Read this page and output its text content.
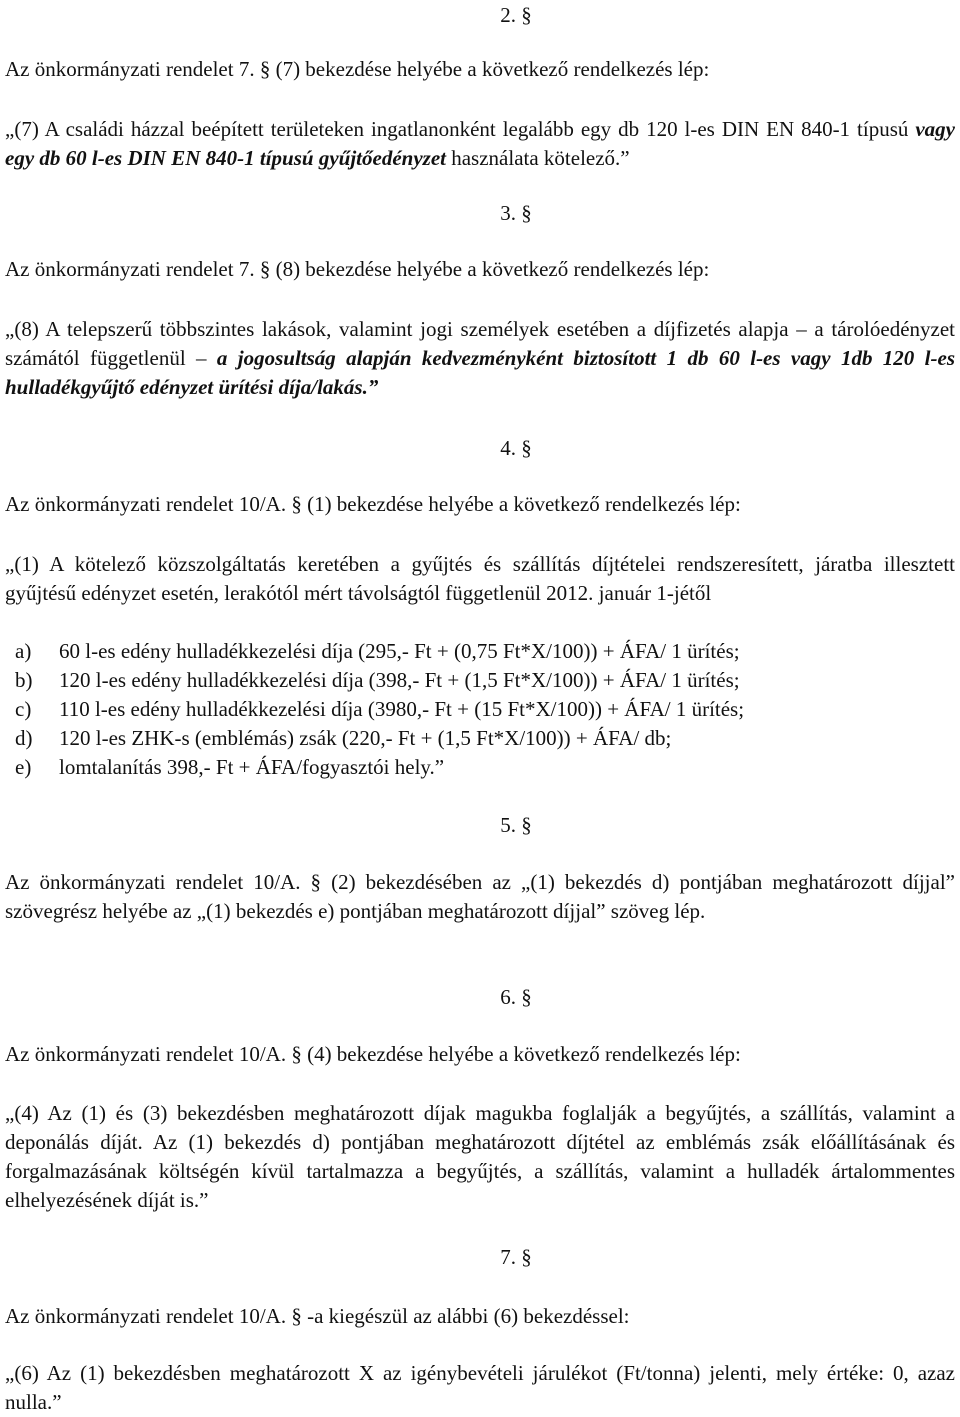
2. §

Az önkormányzati rendelet 7. § (7) bekezdése helyébe a következő rendelkezés lép:

„(7) A családi házzal beépített területeken ingatlanonként legalább egy db 120 l-es DIN EN 840-1 típusú vagy egy db 60 l-es DIN EN 840-1 típusú gyűjtőedényzet használata kötelező.”

3. §

Az önkormányzati rendelet 7. § (8) bekezdése helyébe a következő rendelkezés lép:

„(8) A telepszerű többszintes lakások, valamint jogi személyek esetében a díjfizetés alapja – a tárolóedényzet számától függetlenül – a jogosultság alapján kedvezményként biztosított 1 db 60 l-es vagy 1db 120 l-es hulladékgyűjtő edényzet ürítési díja/lakás.”

4. §

Az önkormányzati rendelet 10/A. § (1) bekezdése helyébe a következő rendelkezés lép:

„(1) A kötelező közszolgáltatás keretében a gyűjtés és szállítás díjtételei rendszeresített, járatba illesztett gyűjtésű edényzet esetén, lerakótól mért távolságtól függetlenül 2012. január 1-jétől

a)	60 l-es edény hulladékkezelési díja (295,- Ft + (0,75 Ft*X/100)) + ÁFA/ 1 ürítés;
b)	120 l-es edény hulladékkezelési díja (398,- Ft + (1,5 Ft*X/100)) + ÁFA/ 1 ürítés;
c)	110 l-es edény hulladékkezelési díja (3980,- Ft + (15 Ft*X/100)) + ÁFA/ 1 ürítés;
d)	120 l-es ZHK-s (emblémás) zsák (220,- Ft + (1,5 Ft*X/100)) + ÁFA/ db;
e)	lomtalanítás 398,- Ft + ÁFA/fogyasztói hely.”

5. §

Az önkormányzati rendelet 10/A. § (2) bekezdésében az „(1) bekezdés d) pontjában meghatározott díjjal” szövegrész helyébe az „(1) bekezdés e) pontjában meghatározott díjjal” szöveg lép.

6. §

Az önkormányzati rendelet 10/A. § (4) bekezdése helyébe a következő rendelkezés lép:

„(4) Az (1) és (3) bekezdésben meghatározott díjak magukba foglalják a begyűjtés, a szállítás, valamint a deponálás díját. Az (1) bekezdés d) pontjában meghatározott díjtétel az emblémás zsák előállításának és forgalmazásának költségén kívül tartalmazza a begyűjtés, a szállítás, valamint a hulladék ártalommentes elhelyezésének díját is.”

7. §

Az önkormányzati rendelet 10/A. § -a kiegészül az alábbi (6) bekezdéssel:

„(6) Az (1) bekezdésben meghatározott X az igénybevételi járulékot (Ft/tonna) jelenti, mely értéke: 0, azaz nulla.”
